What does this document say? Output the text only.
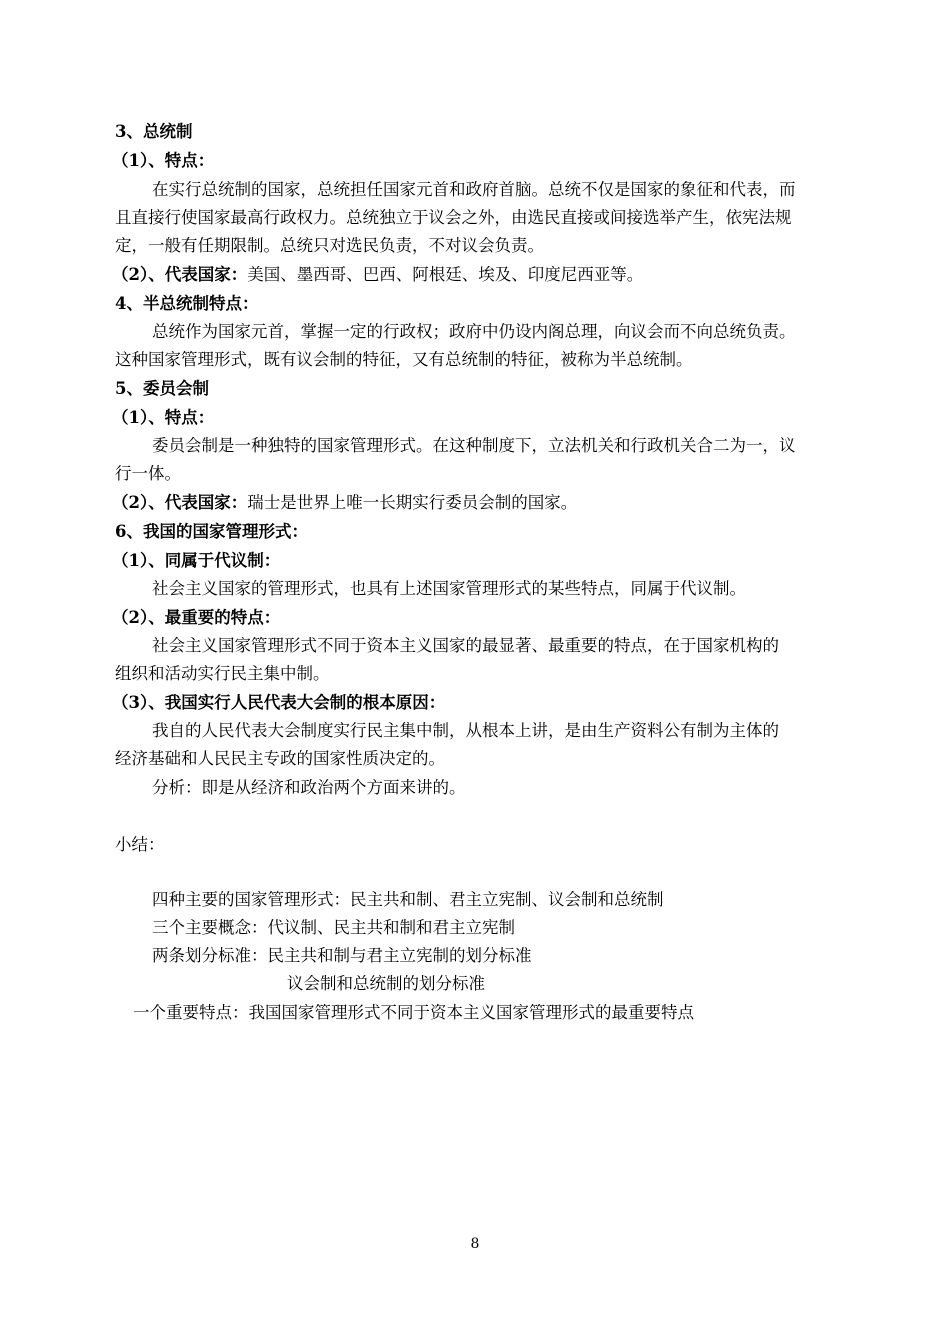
3、总统制
（1）、特点：
在实行总统制的国家，总统担任国家元首和政府首脑。总统不仅是国家的象征和代表，而
且直接行使国家最高行政权力。总统独立于议会之外，由选民直接或间接选举产生，依宪法规
定，一般有任期限制。总统只对选民负责，不对议会负责。
（2）、代表国家：美国、墨西哥、巴西、阿根廷、埃及、印度尼西亚等。
4、半总统制特点：
总统作为国家元首，掌握一定的行政权；政府中仍设内阁总理，向议会而不向总统负责。
这种国家管理形式，既有议会制的特征，又有总统制的特征，被称为半总统制。
5、委员会制
（1）、特点：
委员会制是一种独特的国家管理形式。在这种制度下，立法机关和行政机关合二为一，议
行一体。
（2）、代表国家：瑞士是世界上唯一长期实行委员会制的国家。
6、我国的国家管理形式：
（1）、同属于代议制：
社会主义国家的管理形式，也具有上述国家管理形式的某些特点，同属于代议制。
（2）、最重要的特点：
社会主义国家管理形式不同于资本主义国家的最显著、最重要的特点，在于国家机构的
组织和活动实行民主集中制。
（3）、我国实行人民代表大会制的根本原因：
我自的人民代表大会制度实行民主集中制，从根本上讲，是由生产资料公有制为主体的
经济基础和人民民主专政的国家性质决定的。
分析：即是从经济和政治两个方面来讲的。
小结：
四种主要的国家管理形式：民主共和制、君主立宪制、议会制和总统制
三个主要概念：代议制、民主共和制和君主立宪制
两条划分标准：民主共和制与君主立宪制的划分标准
议会制和总统制的划分标准
一个重要特点：我国国家管理形式不同于资本主义国家管理形式的最重要特点
8
